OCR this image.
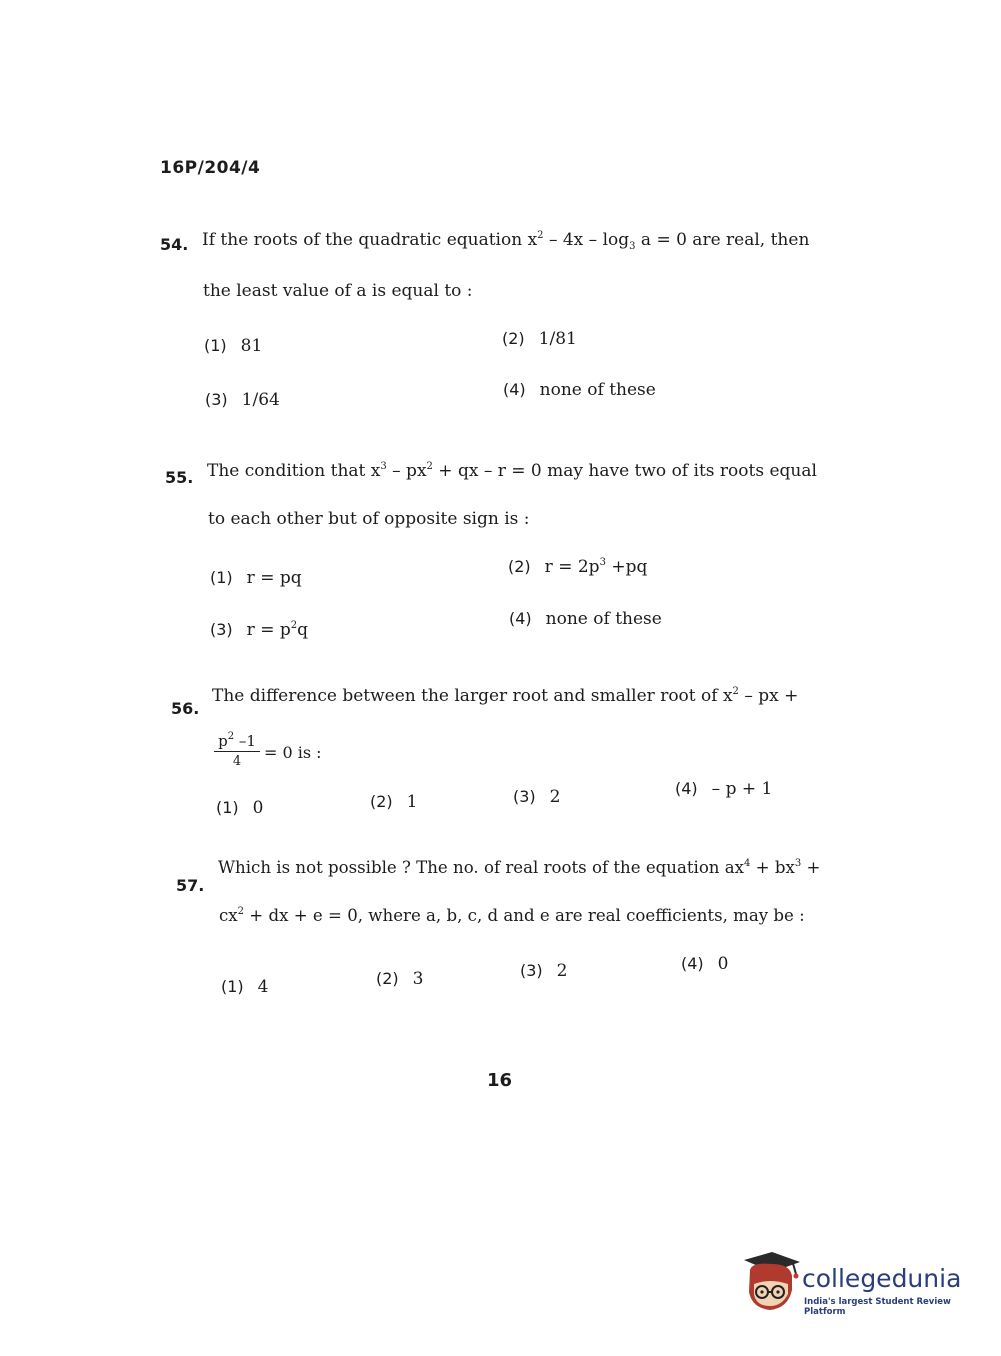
16P/204/4
54. If the roots of the quadratic equation $x^2 - 4x - \log_3 a = 0$ are real, then
the least value of a is equal to :
(1) 81	(2) 1/81
(3) 1/64
(4) none of these
55. The condition that $x^3 - px^2$ + qx – r = 0 may have two of its roots equal
to each other but of opposite sign is :
(1) r = pq
(2) $r = 2p^3 +pq$
(3) $r = p^2q$
(4) none of these
56.
The difference between the larger root and smaller root of $x^2$ – px +
$\frac{p^2 -1}{4} = 0$ is :
(1) 0	(2) 1	(3) 2	(4) – p + 1
57.
Which is not possible ? The no. of real roots of the equation $ax^4 + bx^3$ +
$cx^2$ + dx + e = 0, where a, b, c, d and e are real coefficients, may be :
(1) 4	(2) 3	(3) 2	(4) 0
16
collegedunia
India's largest Student Review Platform
